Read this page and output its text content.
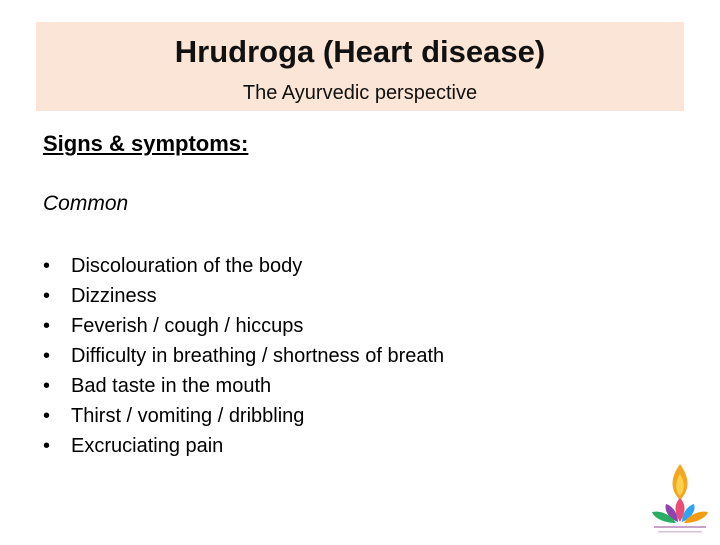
Hrudroga (Heart disease)
The Ayurvedic perspective
Signs & symptoms:
Common
• Discolouration of the body
• Dizziness
• Feverish / cough / hiccups
• Difficulty in breathing / shortness of breath
• Bad taste in the mouth
• Thirst / vomiting / dribbling
• Excruciating pain
